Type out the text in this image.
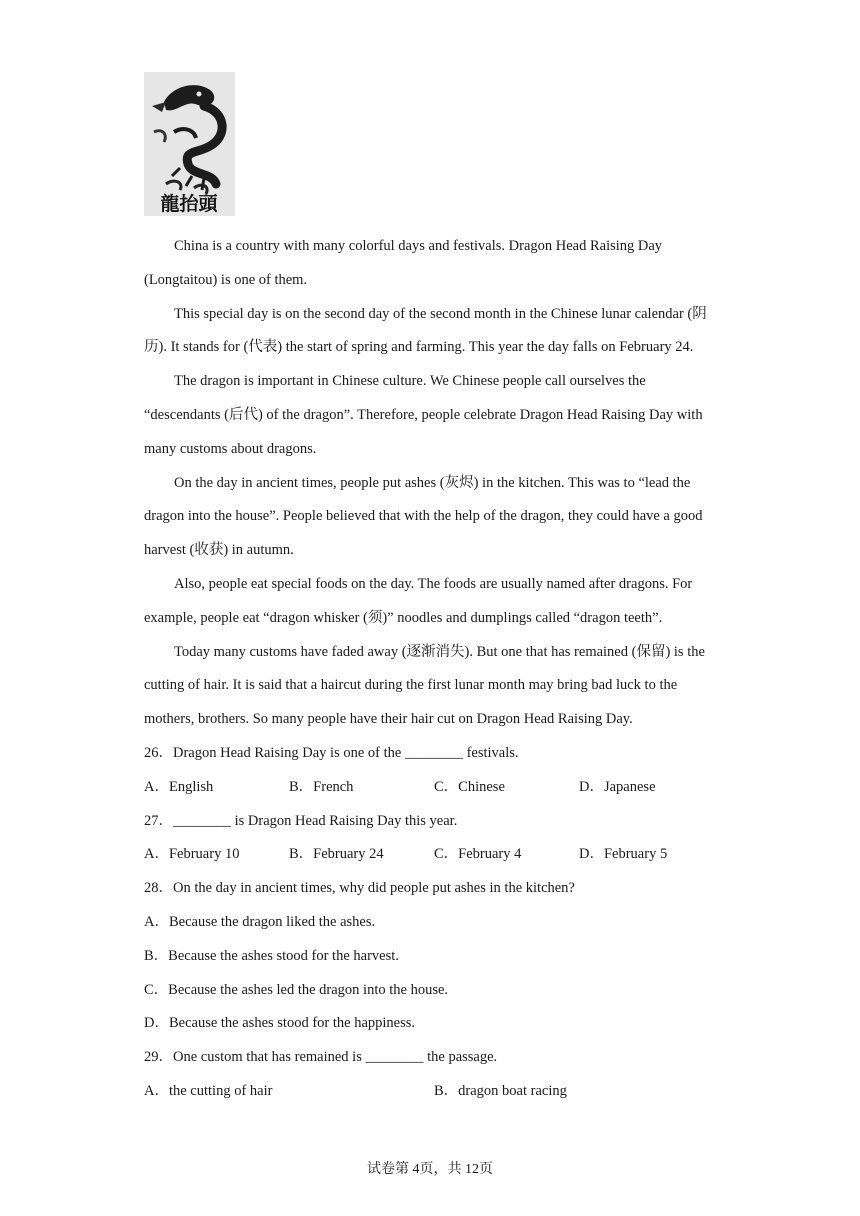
龍抬頭

China is a country with many colorful days and festivals. Dragon Head Raising Day (Longtaitou) is one of them.

This special day is on the second day of the second month in the Chinese lunar calendar (阴历). It stands for (代表) the start of spring and farming. This year the day falls on February 24.

The dragon is important in Chinese culture. We Chinese people call ourselves the “descendants (后代) of the dragon”. Therefore, people celebrate Dragon Head Raising Day with many customs about dragons.

On the day in ancient times, people put ashes (灰烬) in the kitchen. This was to “lead the dragon into the house”. People believed that with the help of the dragon, they could have a good harvest (收获) in autumn.

Also, people eat special foods on the day. The foods are usually named after dragons. For example, people eat “dragon whisker (须)” noodles and dumplings called “dragon teeth”.

Today many customs have faded away (逐渐消失). But one that has remained (保留) is the cutting of hair. It is said that a haircut during the first lunar month may bring bad luck to the mothers, brothers. So many people have their hair cut on Dragon Head Raising Day.

26．Dragon Head Raising Day is one of the ________ festivals.

A．English	B．French	C．Chinese	D．Japanese

27．________ is Dragon Head Raising Day this year.

A．February 10	B．February 24	C．February 4	D．February 5

28．On the day in ancient times, why did people put ashes in the kitchen?

A．Because the dragon liked the ashes.

B．Because the ashes stood for the harvest.

C．Because the ashes led the dragon into the house.

D．Because the ashes stood for the happiness.

29．One custom that has remained is ________ the passage.

A．the cutting of hair	B．dragon boat racing
试卷第 4页，共 12页
